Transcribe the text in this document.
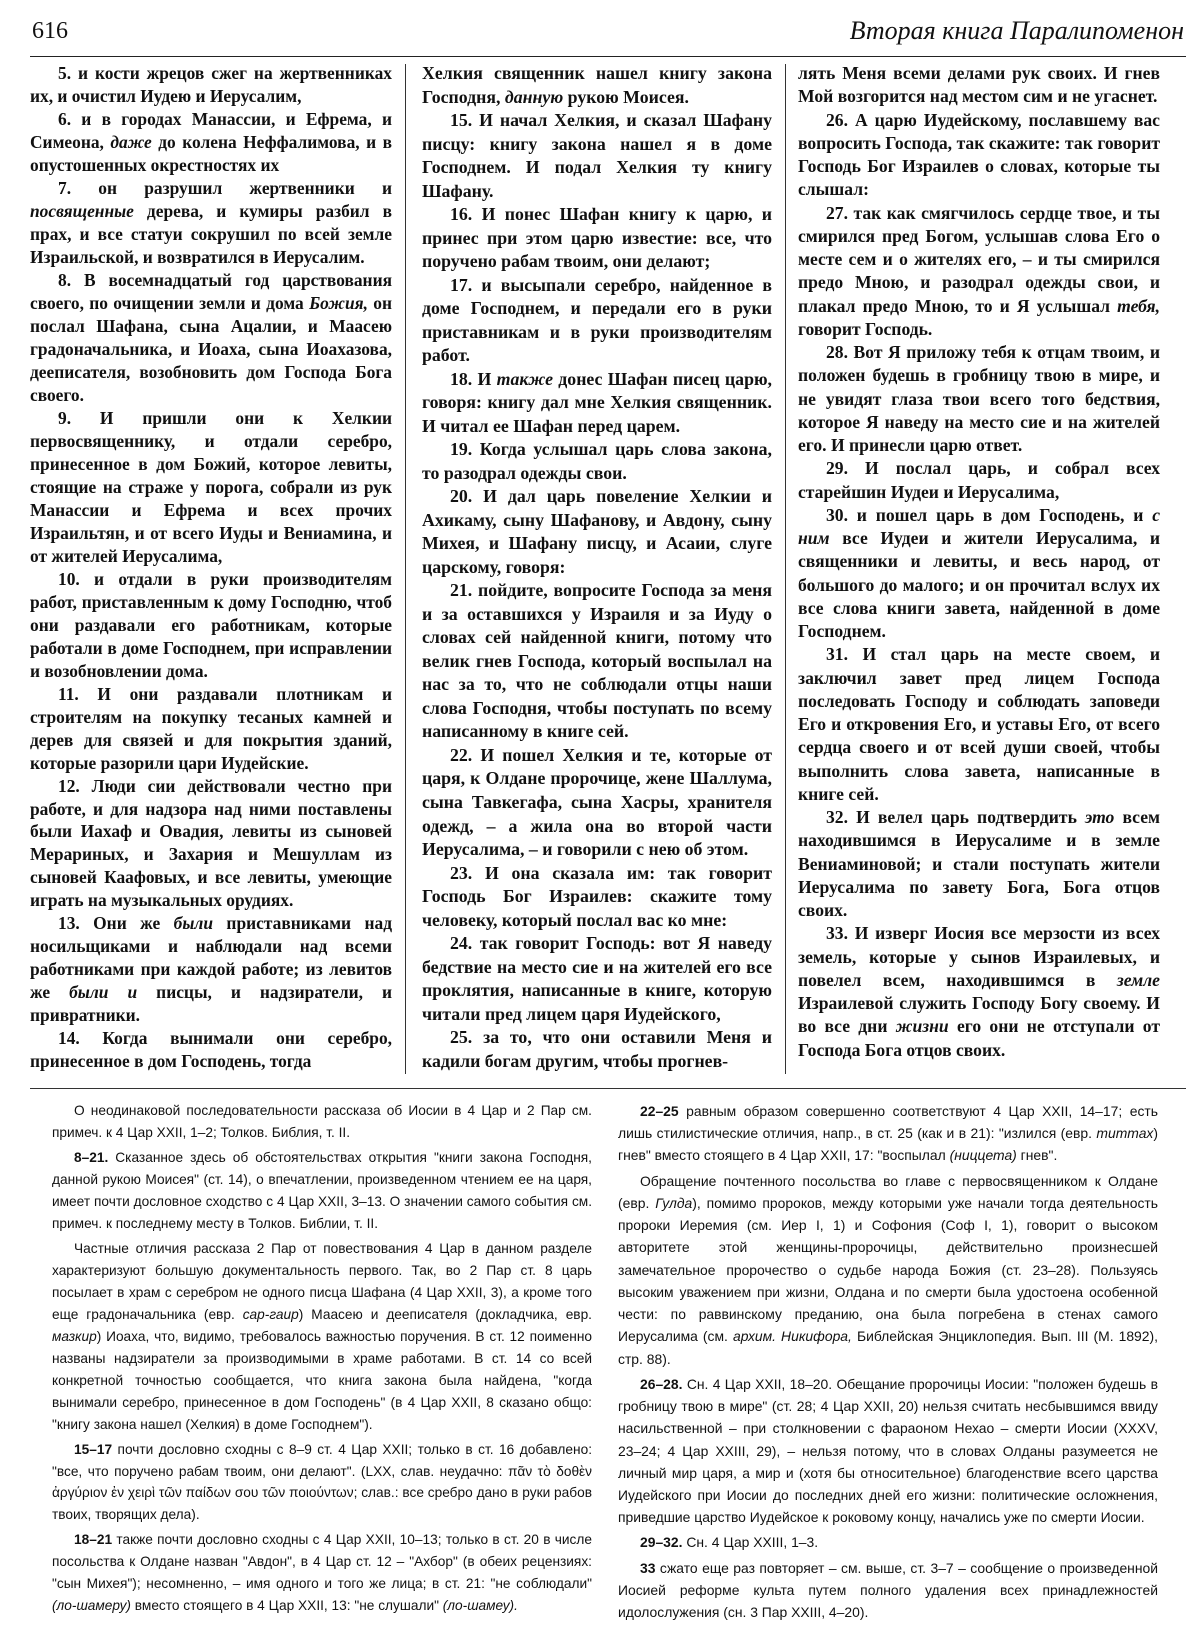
616	Вторая книга Паралипоменон

5. и кости жрецов сжег на жертвенниках их, и очистил Иудею и Иерусалим,

6. и в городах Манассии, и Ефрема, и Симеона, даже до колена Неффалимова, и в опустошенных окрестностях их

7. он разрушил жертвенники и посвященные дерева, и кумиры разбил в прах, и все статуи сокрушил по всей земле Израильской, и возвратился в Иерусалим.

8. В восемнадцатый год царствования своего, по очищении земли и дома Божия, он послал Шафана, сына Ацалии, и Маасею градоначальника, и Иоаха, сына Иоахазова, дееписателя, возобновить дом Господа Бога своего.

9. И пришли они к Хелкии первосвященнику, и отдали серебро, принесенное в дом Божий, которое левиты, стоящие на страже у порога, собрали из рук Манассии и Ефрема и всех прочих Израильтян, и от всего Иуды и Вениамина, и от жителей Иерусалима,

10. и отдали в руки производителям работ, приставленным к дому Господню, чтоб они раздавали его работникам, которые работали в доме Господнем, при исправлении и возобновлении дома.

11. И они раздавали плотникам и строителям на покупку тесаных камней и дерев для связей и для покрытия зданий, которые разорили цари Иудейские.

12. Люди сии действовали честно при работе, и для надзора над ними поставлены были Иахаф и Овадия, левиты из сыновей Мерариных, и Захария и Мешуллам из сыновей Каафовых, и все левиты, умеющие играть на музыкальных орудиях.

13. Они же были приставниками над носильщиками и наблюдали над всеми работниками при каждой работе; из левитов же были и писцы, и надзиратели, и привратники.

14. Когда вынимали они серебро, принесенное в дом Господень, тогда

Хелкия священник нашел книгу закона Господня, данную рукою Моисея.

15. И начал Хелкия, и сказал Шафану писцу: книгу закона нашел я в доме Господнем. И подал Хелкия ту книгу Шафану.

16. И понес Шафан книгу к царю, и принес при этом царю известие: все, что поручено рабам твоим, они делают;

17. и высыпали серебро, найденное в доме Господнем, и передали его в руки приставникам и в руки производителям работ.

18. И также донес Шафан писец царю, говоря: книгу дал мне Хелкия священник. И читал ее Шафан перед царем.

19. Когда услышал царь слова закона, то разодрал одежды свои.

20. И дал царь повеление Хелкии и Ахикаму, сыну Шафанову, и Авдону, сыну Михея, и Шафану писцу, и Асаии, слуге царскому, говоря:

21. пойдите, вопросите Господа за меня и за оставшихся у Израиля и за Иуду о словах сей найденной книги, потому что велик гнев Господа, который воспылал на нас за то, что не соблюдали отцы наши слова Господня, чтобы поступать по всему написанному в книге сей.

22. И пошел Хелкия и те, которые от царя, к Олдане пророчице, жене Шаллума, сына Тавкегафа, сына Хасры, хранителя одежд, – а жила она во второй части Иерусалима, – и говорили с нею об этом.

23. И она сказала им: так говорит Господь Бог Израилев: скажите тому человеку, который послал вас ко мне:

24. так говорит Господь: вот Я наведу бедствие на место сие и на жителей его все проклятия, написанные в книге, которую читали пред лицем царя Иудейского,

25. за то, что они оставили Меня и кадили богам другим, чтобы прогнев-

лять Меня всеми делами рук своих. И гнев Мой возгорится над местом сим и не угаснет.

26. А царю Иудейскому, пославшему вас вопросить Господа, так скажите: так говорит Господь Бог Израилев о словах, которые ты слышал:

27. так как смягчилось сердце твое, и ты смирился пред Богом, услышав слова Его о месте сем и о жителях его, – и ты смирился предо Мною, и разодрал одежды свои, и плакал предо Мною, то и Я услышал тебя, говорит Господь.

28. Вот Я приложу тебя к отцам твоим, и положен будешь в гробницу твою в мире, и не увидят глаза твои всего того бедствия, которое Я наведу на место сие и на жителей его. И принесли царю ответ.

29. И послал царь, и собрал всех старейшин Иудеи и Иерусалима,

30. и пошел царь в дом Господень, и с ним все Иудеи и жители Иерусалима, и священники и левиты, и весь народ, от большого до малого; и он прочитал вслух их все слова книги завета, найденной в доме Господнем.

31. И стал царь на месте своем, и заключил завет пред лицем Господа последовать Господу и соблюдать заповеди Его и откровения Его, и уставы Его, от всего сердца своего и от всей души своей, чтобы выполнить слова завета, написанные в книге сей.

32. И велел царь подтвердить это всем находившимся в Иерусалиме и в земле Вениаминовой; и стали поступать жители Иерусалима по завету Бога, Бога отцов своих.

33. И изверг Иосия все мерзости из всех земель, которые у сынов Израилевых, и повелел всем, находившимся в земле Израилевой служить Господу Богу своему. И во все дни жизни его они не отступали от Господа Бога отцов своих.

О неодинаковой последовательности рассказа об Иосии в 4 Цар и 2 Пар см. примеч. к 4 Цар XXII, 1–2; Толков. Библия, т. II.

8–21. Сказанное здесь об обстоятельствах открытия "книги закона Господня, данной рукою Моисея" (ст. 14), о впечатлении, произведенном чтением ее на царя, имеет почти дословное сходство с 4 Цар XXII, 3–13. О значении самого события см. примеч. к последнему месту в Толков. Библии, т. II.

Частные отличия рассказа 2 Пар от повествования 4 Цар в данном разделе характеризуют большую документальность первого. Так, во 2 Пар ст. 8 царь посылает в храм с серебром не одного писца Шафана (4 Цар XXII, 3), а кроме того еще градоначальника (евр. сар-гаир) Маасею и дееписателя (докладчика, евр. мазкир) Иоаха, что, видимо, требовалось важностью поручения. В ст. 12 поименно названы надзиратели за производимыми в храме работами. В ст. 14 со всей конкретной точностью сообщается, что книга закона была найдена, "когда вынимали серебро, принесенное в дом Господень" (в 4 Цар XXII, 8 сказано общо: "книгу закона нашел (Хелкия) в доме Господнем").

15–17 почти дословно сходны с 8–9 ст. 4 Цар XXII; только в ст. 16 добавлено: "все, что поручено рабам твоим, они делают". (LXX, слав. неудачно: πᾶν τὸ δοθὲν ἀργύριον ἐν χειρὶ τῶν παίδων σου τῶν ποιούντων; слав.: все сребро дано в руки рабов твоих, творящих дела).

18–21 также почти дословно сходны с 4 Цар XXII, 10–13; только в ст. 20 в числе посольства к Олдане назван "Авдон", в 4 Цар ст. 12 – "Ахбор" (в обеих рецензиях: "сын Михея"); несомненно, – имя одного и того же лица; в ст. 21: "не соблюдали" (ло-шамеру) вместо стоящего в 4 Цар XXII, 13: "не слушали" (ло-шамеу).

22–25 равным образом совершенно соответствуют 4 Цар XXII, 14–17; есть лишь стилистические отличия, напр., в ст. 25 (как и в 21): "излился (евр. титтах) гнев" вместо стоящего в 4 Цар XXII, 17: "воспылал (ниццета) гнев".

Обращение почтенного посольства во главе с первосвященником к Олдане (евр. Гулда), помимо пророков, между которыми уже начали тогда деятельность пророки Иеремия (см. Иер I, 1) и Софония (Соф I, 1), говорит о высоком авторитете этой женщины-пророчицы, действительно произнесшей замечательное пророчество о судьбе народа Божия (ст. 23–28). Пользуясь высоким уважением при жизни, Олдана и по смерти была удостоена особенной чести: по раввинскому преданию, она была погребена в стенах самого Иерусалима (см. архим. Никифора, Библейская Энциклопедия. Вып. III (М. 1892), стр. 88).

26–28. Сн. 4 Цар XXII, 18–20. Обещание пророчицы Иосии: "положен будешь в гробницу твою в мире" (ст. 28; 4 Цар XXII, 20) нельзя считать несбывшимся ввиду насильственной – при столкновении с фараоном Нехао – смерти Иосии (XXXV, 23–24; 4 Цар XXIII, 29), – нельзя потому, что в словах Олданы разумеется не личный мир царя, а мир и (хотя бы относительное) благоденствие всего царства Иудейского при Иосии до последних дней его жизни: политические осложнения, приведшие царство Иудейское к роковому концу, начались уже по смерти Иосии.

29–32. Сн. 4 Цар XXIII, 1–3.

33 сжато еще раз повторяет – см. выше, ст. 3–7 – сообщение о произведенной Иосией реформе культа путем полного удаления всех принадлежностей идолослужения (сн. 3 Пар XXIII, 4–20).
